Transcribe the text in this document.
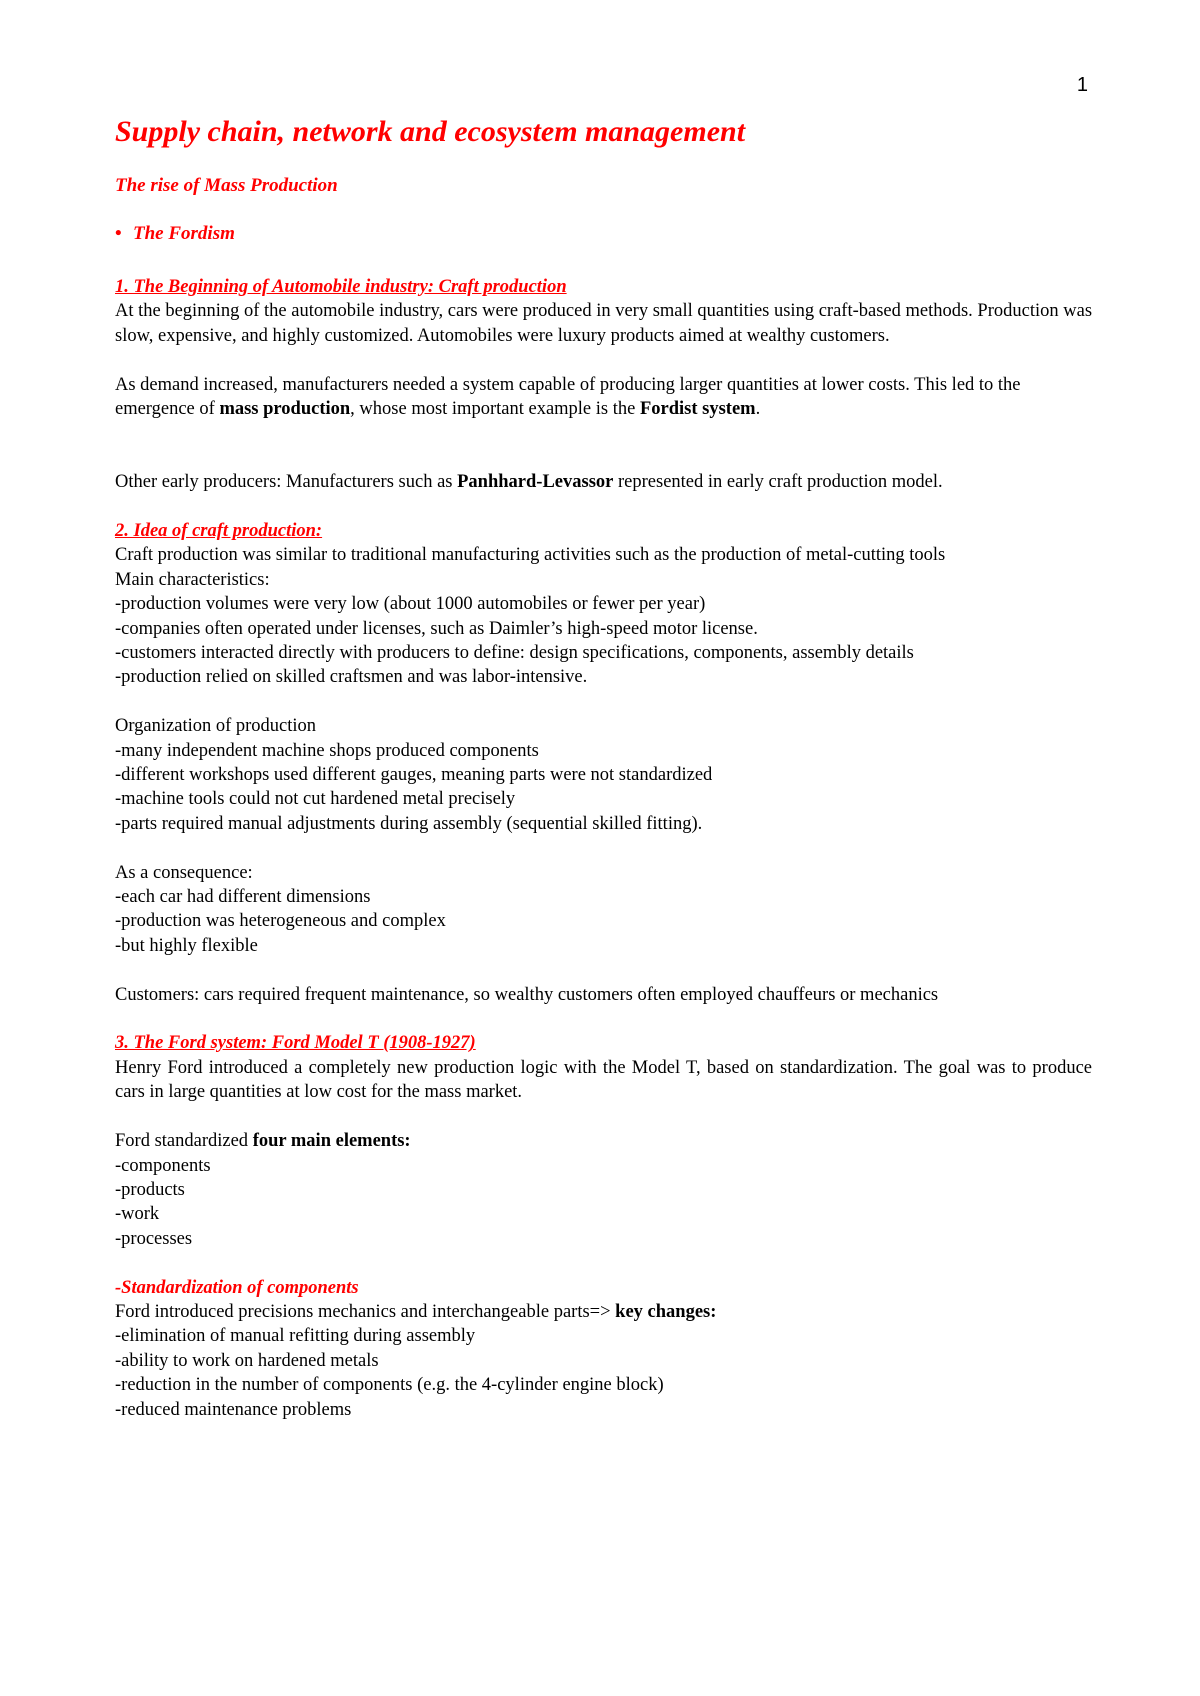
1
Supply chain, network and ecosystem management

The rise of Mass Production

• The Fordism

1. The Beginning of Automobile industry: Craft production

At the beginning of the automobile industry, cars were produced in very small quantities using craft-based methods. Production was slow, expensive, and highly customized. Automobiles were luxury products aimed at wealthy customers.

As demand increased, manufacturers needed a system capable of producing larger quantities at lower costs. This led to the emergence of mass production, whose most important example is the Fordist system.

Other early producers: Manufacturers such as Panhhard-Levassor represented in early craft production model.

2. Idea of craft production:

Craft production was similar to traditional manufacturing activities such as the production of metal-cutting tools

Main characteristics:

-production volumes were very low (about 1000 automobiles or fewer per year)

-companies often operated under licenses, such as Daimler’s high-speed motor license.

-customers interacted directly with producers to define: design specifications, components, assembly details

-production relied on skilled craftsmen and was labor-intensive.

Organization of production

-many independent machine shops produced components

-different workshops used different gauges, meaning parts were not standardized

-machine tools could not cut hardened metal precisely

-parts required manual adjustments during assembly (sequential skilled fitting).

As a consequence:

-each car had different dimensions

-production was heterogeneous and complex

-but highly flexible

Customers: cars required frequent maintenance, so wealthy customers often employed chauffeurs or mechanics

3. The Ford system: Ford Model T (1908-1927)

Henry Ford introduced a completely new production logic with the Model T, based on standardization. The goal was to produce cars in large quantities at low cost for the mass market.

Ford standardized four main elements:

-components

-products

-work

-processes

-Standardization of components

Ford introduced precisions mechanics and interchangeable parts=> key changes:

-elimination of manual refitting during assembly

-ability to work on hardened metals

-reduction in the number of components (e.g. the 4-cylinder engine block)

-reduced maintenance problems
